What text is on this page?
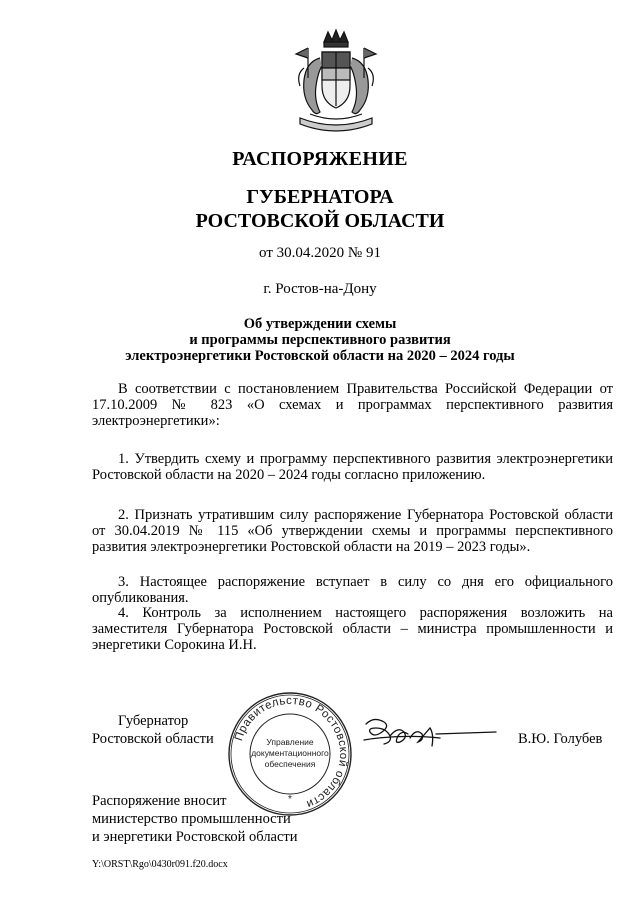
РАСПОРЯЖЕНИЕ
ГУБЕРНАТОРА
РОСТОВСКОЙ ОБЛАСТИ
от 30.04.2020 № 91
г. Ростов-на-Дону
Об утверждении схемы
и программы перспективного развития
электроэнергетики Ростовской области на 2020 – 2024 годы
В соответствии с постановлением Правительства Российской Федерации от 17.10.2009 № 823 «О схемах и программах перспективного развития электроэнергетики»:
1. Утвердить схему и программу перспективного развития электроэнергетики Ростовской области на 2020 – 2024 годы согласно приложению.
2. Признать утратившим силу распоряжение Губернатора Ростовской области от 30.04.2019 № 115 «Об утверждении схемы и программы перспективного развития электроэнергетики Ростовской области на 2019 – 2023 годы».
3. Настоящее распоряжение вступает в силу со дня его официального опубликования.
4. Контроль за исполнением настоящего распоряжения возложить на заместителя Губернатора Ростовской области – министра промышленности и энергетики Сорокина И.Н.
Губернатор
Ростовской области	Правительство Ростовской области
Управление
документационного
обеспечения
*
В.Ю. Голубев
Распоряжение вносит
министерство промышленности
и энергетики Ростовской области
Y:\ORST\Rgo\0430r091.f20.docx
